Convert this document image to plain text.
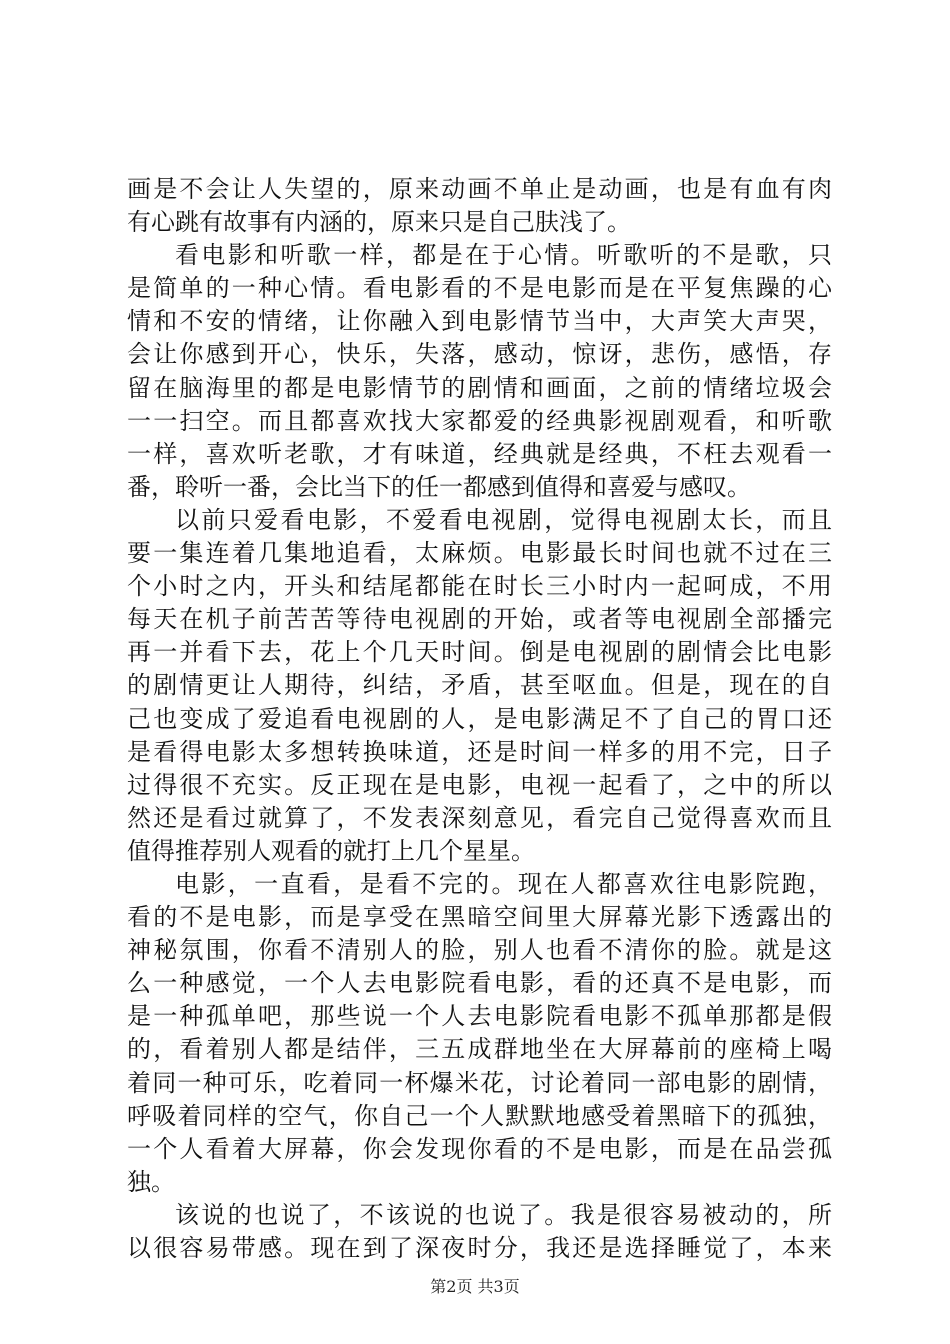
画是不会让人失望的，原来动画不单止是动画，也是有血有肉
有心跳有故事有内涵的，原来只是自己肤浅了。
看电影和听歌一样，都是在于心情。听歌听的不是歌，只
是简单的一种心情。看电影看的不是电影而是在平复焦躁的心
情和不安的情绪，让你融入到电影情节当中，大声笑大声哭，
会让你感到开心，快乐，失落，感动，惊讶，悲伤，感悟，存
留在脑海里的都是电影情节的剧情和画面，之前的情绪垃圾会
一一扫空。而且都喜欢找大家都爱的经典影视剧观看，和听歌
一样，喜欢听老歌，才有味道，经典就是经典，不枉去观看一
番，聆听一番，会比当下的任一都感到值得和喜爱与感叹。
以前只爱看电影，不爱看电视剧，觉得电视剧太长，而且
要一集连着几集地追看，太麻烦。电影最长时间也就不过在三
个小时之内，开头和结尾都能在时长三小时内一起呵成，不用
每天在机子前苦苦等待电视剧的开始，或者等电视剧全部播完
再一并看下去，花上个几天时间。倒是电视剧的剧情会比电影
的剧情更让人期待，纠结，矛盾，甚至呕血。但是，现在的自
己也变成了爱追看电视剧的人，是电影满足不了自己的胃口还
是看得电影太多想转换味道，还是时间一样多的用不完，日子
过得很不充实。反正现在是电影，电视一起看了，之中的所以
然还是看过就算了，不发表深刻意见，看完自己觉得喜欢而且
值得推荐别人观看的就打上几个星星。
电影，一直看，是看不完的。现在人都喜欢往电影院跑，
看的不是电影，而是享受在黑暗空间里大屏幕光影下透露出的
神秘氛围，你看不清别人的脸，别人也看不清你的脸。就是这
么一种感觉，一个人去电影院看电影，看的还真不是电影，而
是一种孤单吧，那些说一个人去电影院看电影不孤单那都是假
的，看着别人都是结伴，三五成群地坐在大屏幕前的座椅上喝
着同一种可乐，吃着同一杯爆米花，讨论着同一部电影的剧情，
呼吸着同样的空气，你自己一个人默默地感受着黑暗下的孤独，
一个人看着大屏幕，你会发现你看的不是电影，而是在品尝孤
独。
该说的也说了，不该说的也说了。我是很容易被动的，所
以很容易带感。现在到了深夜时分，我还是选择睡觉了，本来
第2页 共3页
